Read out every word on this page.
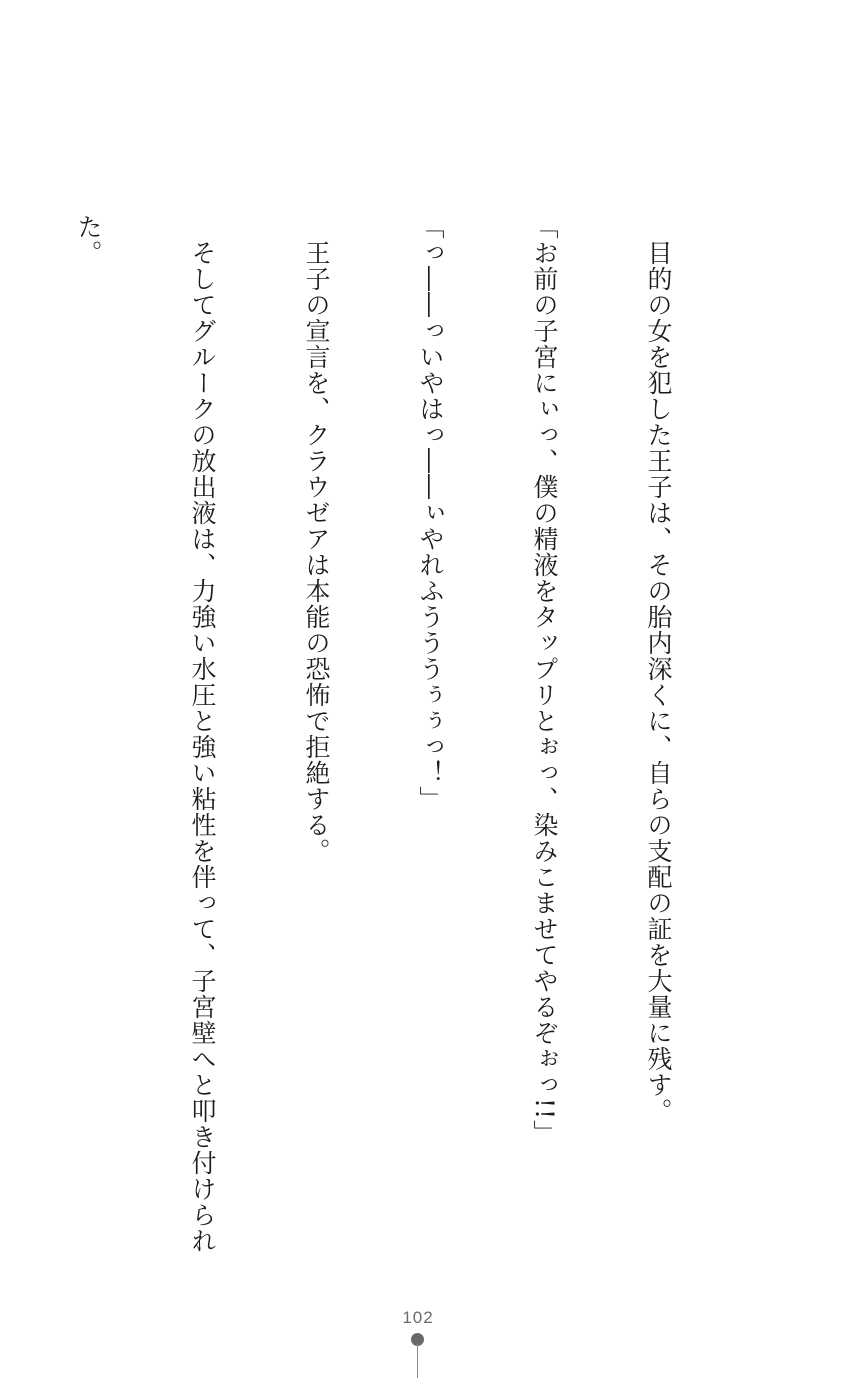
　目的の女を犯した王子は、その胎内深くに、自らの支配の証を大量に残す。

「お前の子宮にぃっ、僕の精液をタップリとぉっ、染みこませてやるぞぉっ!!」

「っ――っいやはっ――ぃやれふうううぅぅっ！」

　王子の宣言を、クラウゼアは本能の恐怖で拒絶する。

　そしてグルークの放出液は、力強い水圧と強い粘性を伴って、子宮壁へと叩き付けられ

た。

102
